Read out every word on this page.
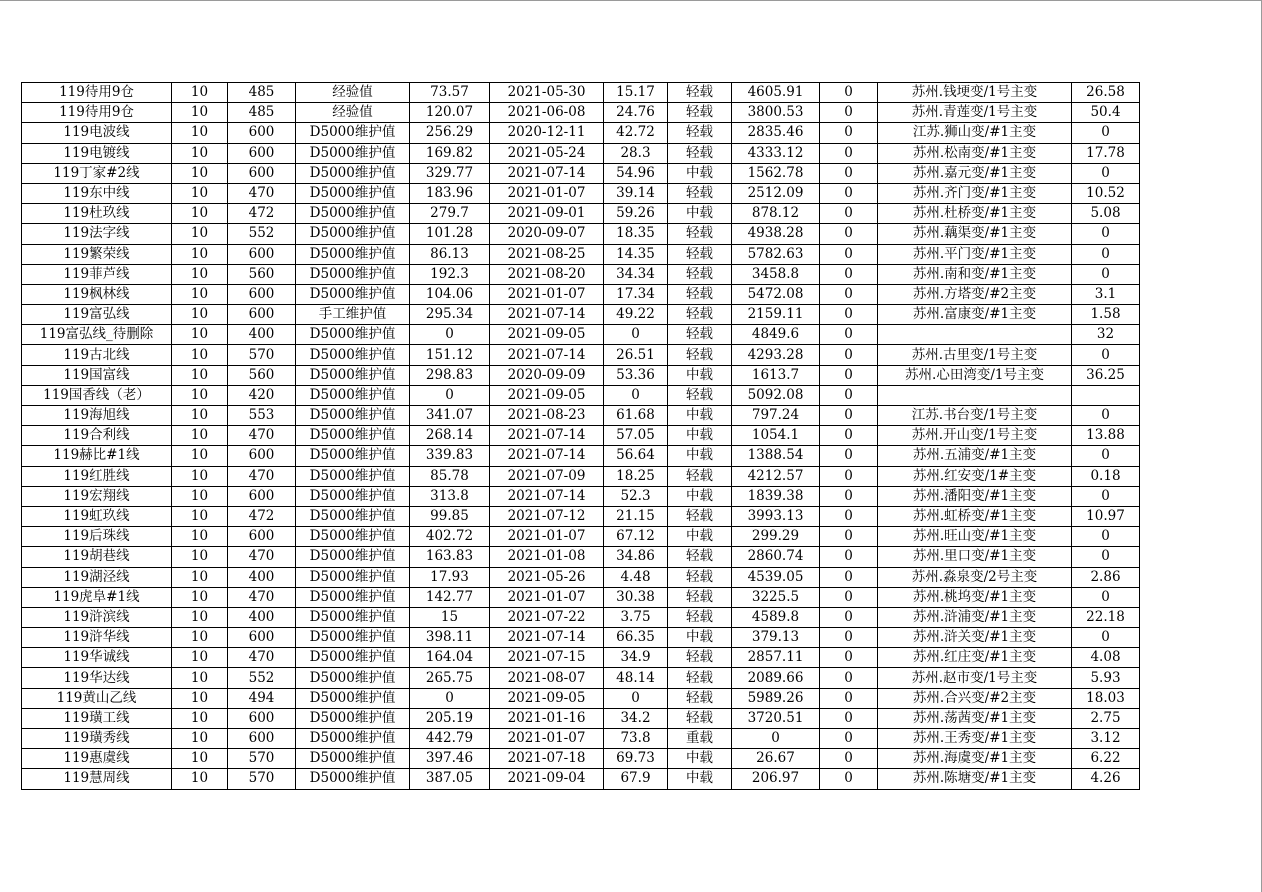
119待用9仓	10	485	经验值	73.57	2021-05-30	15.17	轻载	4605.91	0	苏州.钱埂变/1号主变	26.58
119待用9仓	10	485	经验值	120.07	2021-06-08	24.76	轻载	3800.53	0	苏州.青莲变/1号主变	50.4
119电波线	10	600	D5000维护值	256.29	2020-12-11	42.72	轻载	2835.46	0	江苏.狮山变/#1主变	0
119电镀线	10	600	D5000维护值	169.82	2021-05-24	28.3	轻载	4333.12	0	苏州.松南变/#1主变	17.78
119丁家#2线	10	600	D5000维护值	329.77	2021-07-14	54.96	中载	1562.78	0	苏州.嘉元变/#1主变	0
119东中线	10	470	D5000维护值	183.96	2021-01-07	39.14	轻载	2512.09	0	苏州.齐门变/#1主变	10.52
119杜玖线	10	472	D5000维护值	279.7	2021-09-01	59.26	中载	878.12	0	苏州.杜桥变/#1主变	5.08
119法字线	10	552	D5000维护值	101.28	2020-09-07	18.35	轻载	4938.28	0	苏州.藕渠变/#1主变	0
119繁荣线	10	600	D5000维护值	86.13	2021-08-25	14.35	轻载	5782.63	0	苏州.平门变/#1主变	0
119菲芦线	10	560	D5000维护值	192.3	2021-08-20	34.34	轻载	3458.8	0	苏州.南和变/#1主变	0
119枫林线	10	600	D5000维护值	104.06	2021-01-07	17.34	轻载	5472.08	0	苏州.方塔变/#2主变	3.1
119富弘线	10	600	手工维护值	295.34	2021-07-14	49.22	轻载	2159.11	0	苏州.富康变/#1主变	1.58
119富弘线_待删除	10	400	D5000维护值	0	2021-09-05	0	轻载	4849.6	0		32
119古北线	10	570	D5000维护值	151.12	2021-07-14	26.51	轻载	4293.28	0	苏州.古里变/1号主变	0
119国富线	10	560	D5000维护值	298.83	2020-09-09	53.36	中载	1613.7	0	苏州.心田湾变/1号主变	36.25
119国香线（老）	10	420	D5000维护值	0	2021-09-05	0	轻载	5092.08	0		
119海旭线	10	553	D5000维护值	341.07	2021-08-23	61.68	中载	797.24	0	江苏.书台变/1号主变	0
119合利线	10	470	D5000维护值	268.14	2021-07-14	57.05	中载	1054.1	0	苏州.开山变/1号主变	13.88
119赫比#1线	10	600	D5000维护值	339.83	2021-07-14	56.64	中载	1388.54	0	苏州.五浦变/#1主变	0
119红胜线	10	470	D5000维护值	85.78	2021-07-09	18.25	轻载	4212.57	0	苏州.红安变/1#主变	0.18
119宏翔线	10	600	D5000维护值	313.8	2021-07-14	52.3	中载	1839.38	0	苏州.潘阳变/#1主变	0
119虹玖线	10	472	D5000维护值	99.85	2021-07-12	21.15	轻载	3993.13	0	苏州.虹桥变/#1主变	10.97
119后珠线	10	600	D5000维护值	402.72	2021-01-07	67.12	中载	299.29	0	苏州.旺山变/#1主变	0
119胡巷线	10	470	D5000维护值	163.83	2021-01-08	34.86	轻载	2860.74	0	苏州.里口变/#1主变	0
119湖泾线	10	400	D5000维护值	17.93	2021-05-26	4.48	轻载	4539.05	0	苏州.淼泉变/2号主变	2.86
119虎阜#1线	10	470	D5000维护值	142.77	2021-01-07	30.38	轻载	3225.5	0	苏州.桃坞变/#1主变	0
119浒滨线	10	400	D5000维护值	15	2021-07-22	3.75	轻载	4589.8	0	苏州.浒浦变/#1主变	22.18
119浒华线	10	600	D5000维护值	398.11	2021-07-14	66.35	中载	379.13	0	苏州.浒关变/#1主变	0
119华诚线	10	470	D5000维护值	164.04	2021-07-15	34.9	轻载	2857.11	0	苏州.红庄变/#1主变	4.08
119华达线	10	552	D5000维护值	265.75	2021-08-07	48.14	轻载	2089.66	0	苏州.赵市变/1号主变	5.93
119黄山乙线	10	494	D5000维护值	0	2021-09-05	0	轻载	5989.26	0	苏州.合兴变/#2主变	18.03
119璜工线	10	600	D5000维护值	205.19	2021-01-16	34.2	轻载	3720.51	0	苏州.荡茜变/#1主变	2.75
119璜秀线	10	600	D5000维护值	442.79	2021-01-07	73.8	重载	0	0	苏州.王秀变/#1主变	3.12
119惠虞线	10	570	D5000维护值	397.46	2021-07-18	69.73	中载	26.67	0	苏州.海虞变/#1主变	6.22
119慧周线	10	570	D5000维护值	387.05	2021-09-04	67.9	中载	206.97	0	苏州.陈塘变/#1主变	4.26
